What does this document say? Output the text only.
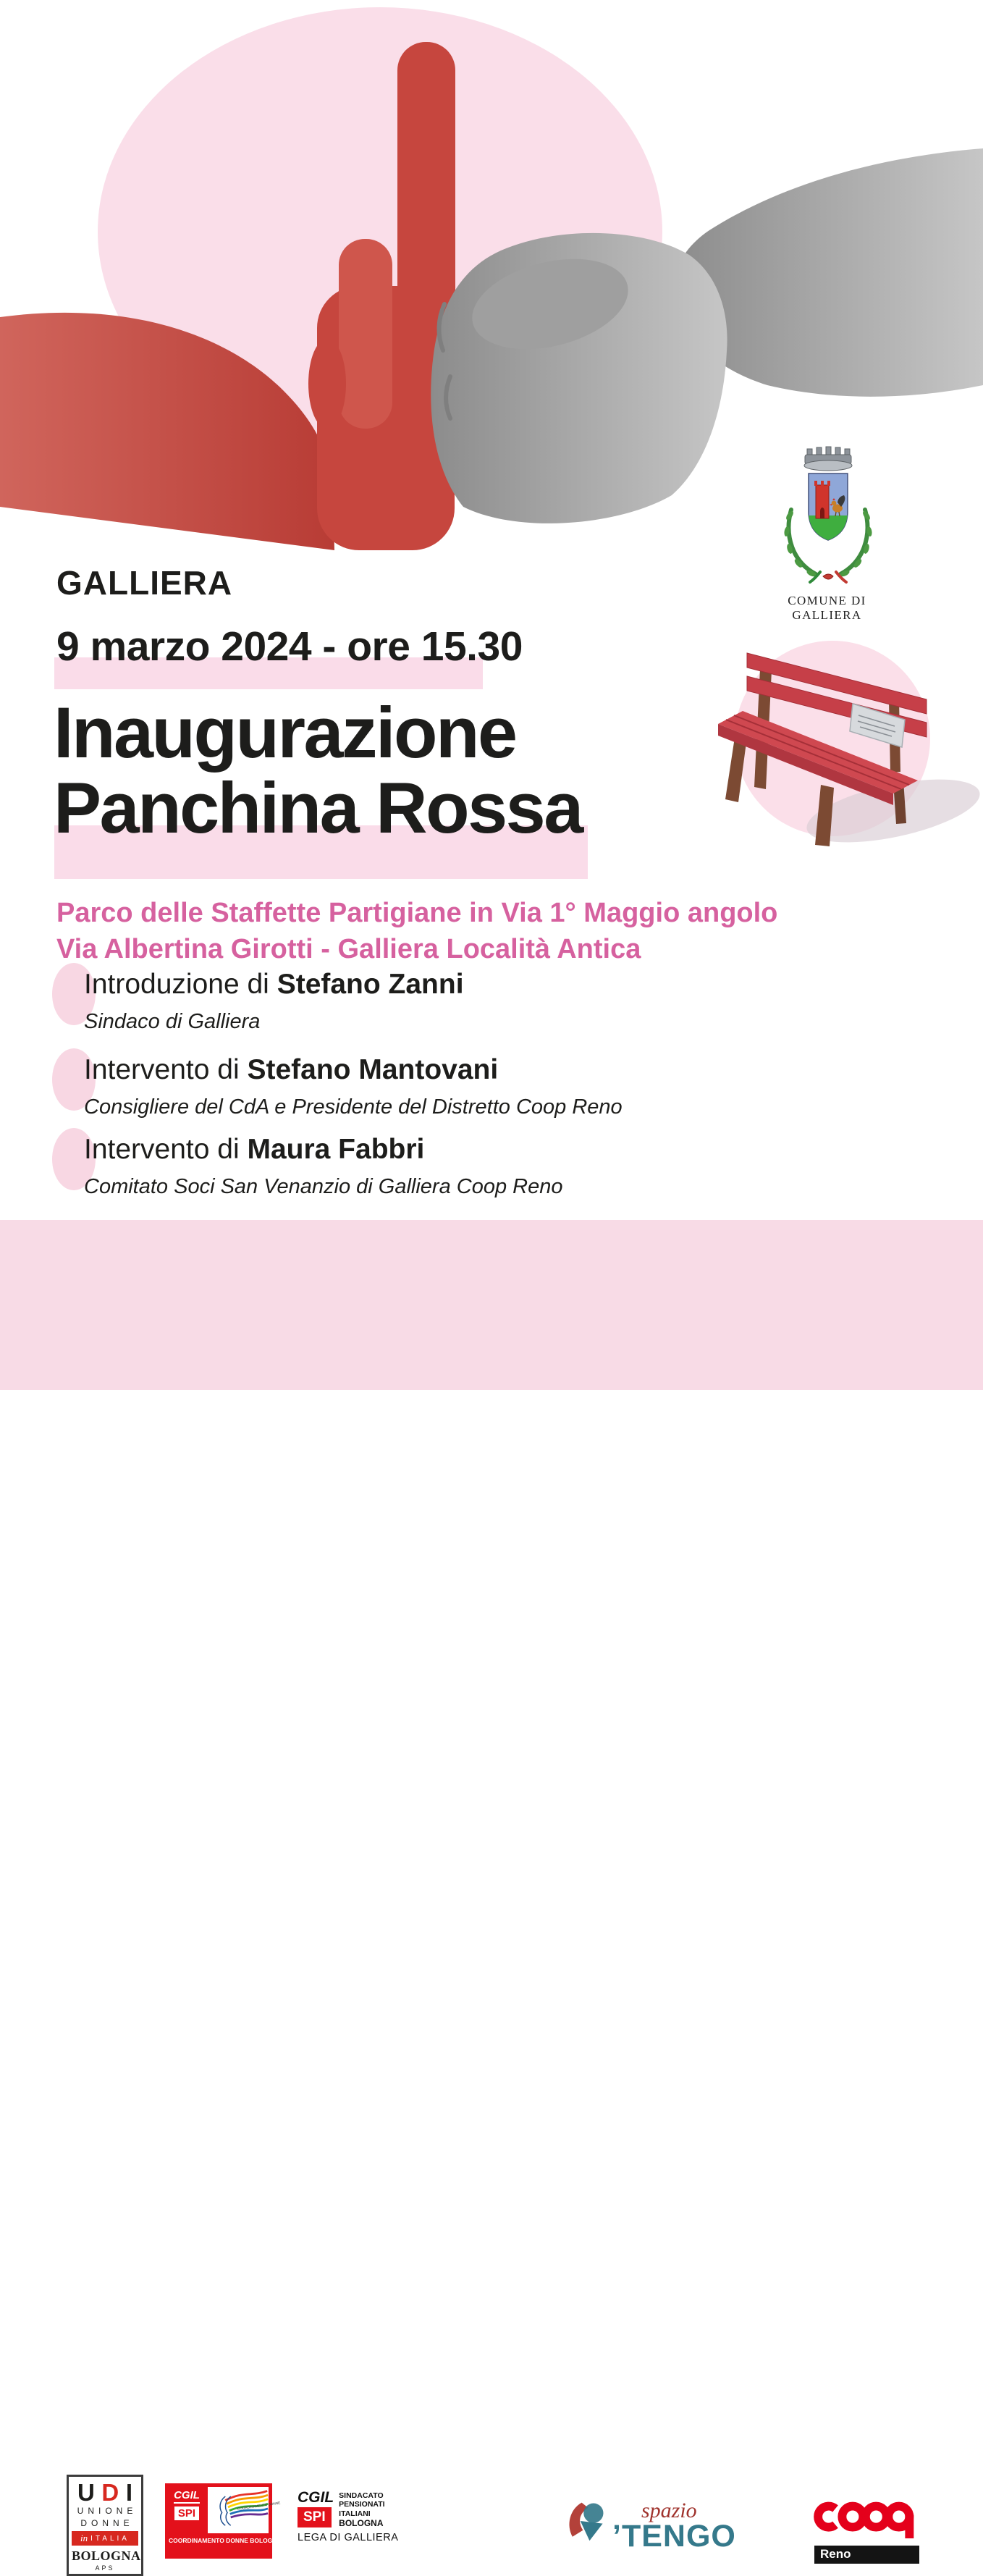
COMUNE DI GALLIERA
GALLIERA
9 marzo 2024 - ore 15.30
Inaugurazione
Panchina Rossa
Parco delle Staffette Partigiane in Via 1° Maggio angolo
Via Albertina Girotti - Galliera Località Antica

Introduzione di Stefano Zanni

Sindaco di Galliera

Intervento di Stefano Mantovani

Consigliere del CdA e Presidente del Distretto Coop Reno

Intervento di Maura Fabbri

Comitato Soci San Venanzio di Galliera Coop Reno

U D I
UNIONE
DONNE
in ITALIA
BOLOGNA
APS
CGIL
SPI
COORDINAMENTO DONNE
COORDINAMENTO DONNE BOLOGNA
CGIL
SPI
SINDACATO
PENSIONATI
ITALIANI
BOLOGNA
LEGA DI GALLIERA
spazio
’TENGO
Reno
